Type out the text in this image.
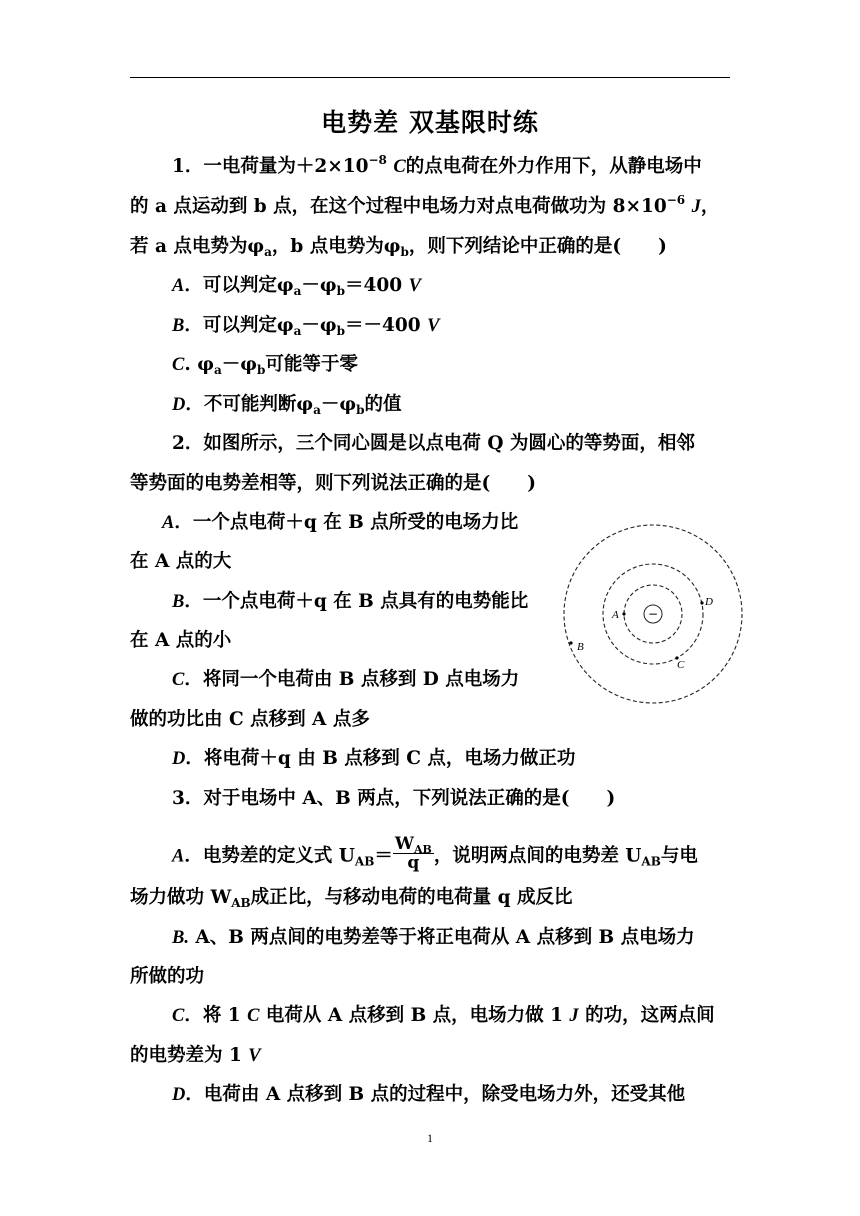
电势差 双基限时练
1．一电荷量为$+2\times 10^{-8}$ C的点电荷在外力作用下，从静电场中
的 a 点运动到 b 点，在这个过程中电场力对点电荷做功为 $8\times 10^{-6}$ J，
若 a 点电势为$\varphi_a$，b 点电势为$\varphi_b$，则下列结论中正确的是(　　)
A．可以判定$\varphi_a-\varphi_b=400$ V
B．可以判定$\varphi_a-\varphi_b=-400$ V
C. $\varphi_a-\varphi_b$可能等于零
D．不可能判断$\varphi_a-\varphi_b$的值
2．如图所示，三个同心圆是以点电荷 Q 为圆心的等势面，相邻
等势面的电势差相等，则下列说法正确的是(　　)
A．一个点电荷＋q 在 B 点所受的电场力比
在 A 点的大
B．一个点电荷＋q 在 B 点具有的电势能比
在 A 点的小
C．将同一个电荷由 B 点移到 D 点电场力
做的功比由 C 点移到 A 点多
D．将电荷＋q 由 B 点移到 C 点，电场力做正功
−
A
D
B
C
3．对于电场中 A、B 两点，下列说法正确的是(　　)
A．电势差的定义式 $U_{AB}= \frac{W_{AB}}{q}$ ，说明两点间的电势差 $U_{AB}$与电
场力做功 $W_{AB}$成正比，与移动电荷的电荷量 q 成反比
B. A、B 两点间的电势差等于将正电荷从 A 点移到 B 点电场力
所做的功
C．将 1 C 电荷从 A 点移到 B 点，电场力做 1 J 的功，这两点间
的电势差为 1 V
D．电荷由 A 点移到 B 点的过程中，除受电场力外，还受其他
1
